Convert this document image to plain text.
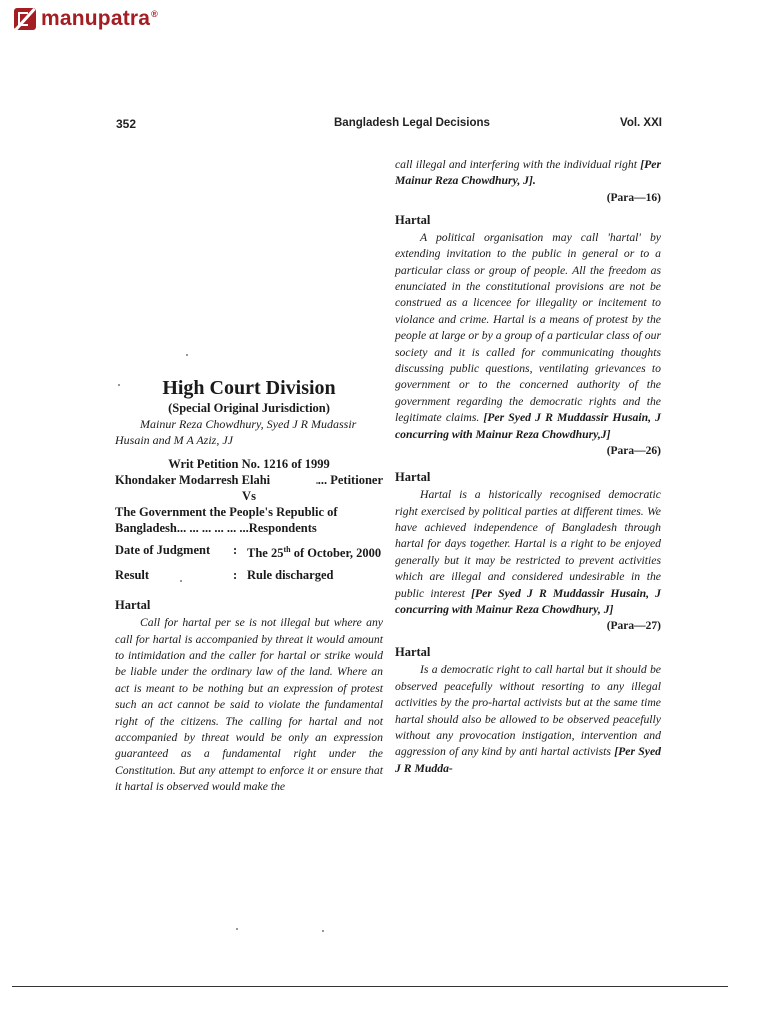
manupatra®
352	Bangladesh Legal Decisions	Vol. XXI

High Court Division

(Special Original Jurisdiction)

Mainur Reza Chowdhury, Syed J R Mudassir Husain and M A Aziz, JJ

Writ Petition No. 1216 of 1999

Khondaker Modarresh Elahi	... Petitioner

Vs

The Government the People's Republic of Bangladesh... ... ... ... ... ...Respondents
Date of Judgment	: The 25th of October, 2000
Result	: Rule discharged
Hartal

Call for hartal per se is not illegal but where any call for hartal is accompanied by threat it would amount to intimidation and the caller for hartal or strike would be liable under the ordinary law of the land. Where an act is meant to be nothing but an expression of protest such an act cannot be said to violate the fundamental right of the citizens. The calling for hartal and not accompanied by threat would be only an expression guaranteed as a fundamental right under the Constitution. But any attempt to enforce it or ensure that it hartal is observed would make the

call illegal and interfering with the individual right [Per Mainur Reza Chowdhury, J].

(Para—16)
Hartal

A political organisation may call 'hartal' by extending invitation to the public in general or to a particular class or group of people. All the freedom as enunciated in the constitutional provisions are not be construed as a licencee for illegality or incitement to violance and crime. Hartal is a means of protest by the people at large or by a group of a particular class of our society and it is called for communicating thoughts discussing public questions, ventilating grievances to government or to the concerned authority of the government regarding the democratic rights and the legitimate claims. [Per Syed J R Muddassir Husain, J concurring with Mainur Reza Chowdhury,J]

(Para—26)
Hartal

Hartal is a historically recognised democratic right exercised by political parties at different times. We have achieved independence of Bangladesh through hartal for days together. Hartal is a right to be enjoyed generally but it may be restricted to prevent activities which are illegal and considered undesirable in the public interest [Per Syed J R Muddassir Husain, J concurring with Mainur Reza Chowdhury, J]

(Para—27)
Hartal

Is a democratic right to call hartal but it should be observed peacefully without resorting to any illegal activities by the pro-hartal activists but at the same time hartal should also be allowed to be observed peacefully without any provocation instigation, intervention and aggression of any kind by anti hartal activists [Per Syed J R Mudda-
